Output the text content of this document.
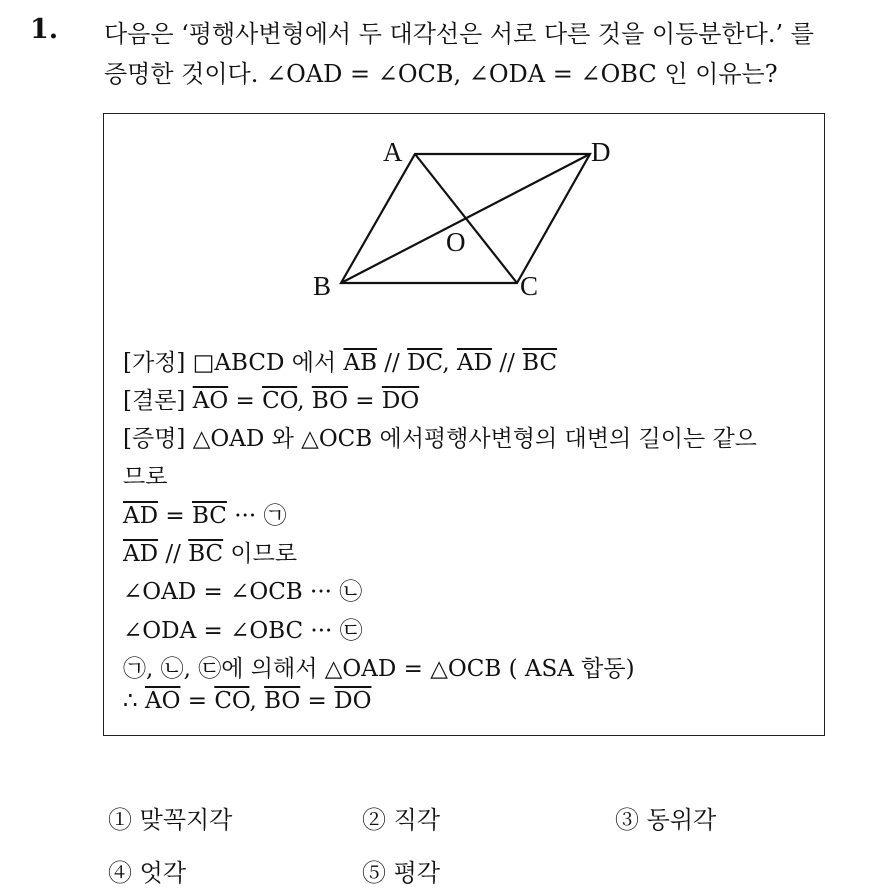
1. 다음은 ‘평행사변형에서 두 대각선은 서로 다른 것을 이등분한다.’ 를
증명한 것이다. ∠OAD = ∠OCB, ∠ODA = ∠OBC 인 이유는?
A	D
B	C
O
[가정] □ABCD 에서 $\overline{AB} // \overline{DC}$, $\overline{AD} // \overline{BC}$
[결론] $\overline{AO} = \overline{CO}$, $\overline{BO} = \overline{DO}$
[증명] △OAD 와 △OCB 에서평행사변형의 대변의 길이는 같으
므로
$\overline{AD} = \overline{BC}$ ··· ㉠
$\overline{AD} // \overline{BC}$ 이므로
∠OAD = ∠OCB ··· ㉡
∠ODA = ∠OBC ··· ㉢
㉠, ㉡, ㉢에 의해서 △OAD = △OCB ( ASA 합동)
∴ $\overline{AO} = \overline{CO}$, $\overline{BO} = \overline{DO}$
① 맞꼭지각	② 직각	③ 동위각
④ 엇각	⑤ 평각
